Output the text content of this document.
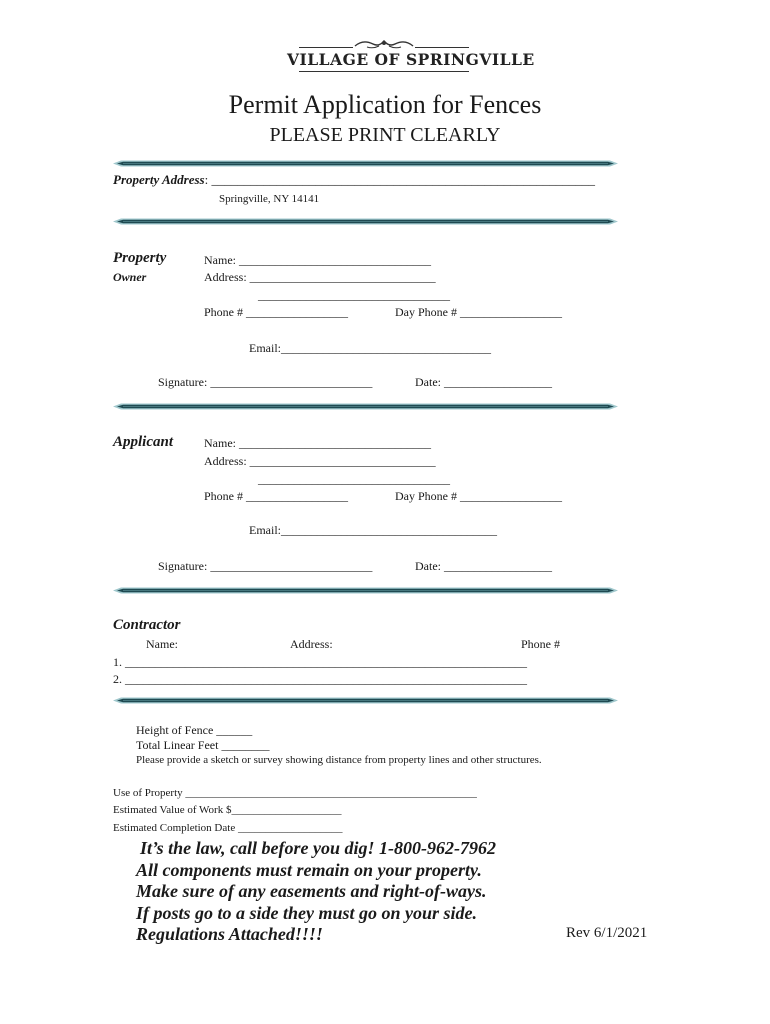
VILLAGE OF SPRINGVILLE
Permit Application for Fences
PLEASE PRINT CLEARLY
Property Address: ___________________________________________________________
Springville, NY 14141
Property
Owner
Name: ________________________________
Address: _______________________________
________________________________
Phone # _________________	Day Phone # _________________
Email:___________________________________
Signature: ___________________________	Date: __________________
Applicant	Name: ________________________________
Address: _______________________________
________________________________
Phone # _________________	Day Phone # _________________
Email:____________________________________
Signature: ___________________________	Date: __________________
Contractor
Name:	Address:	Phone #
1. ___________________________________________________________________
2. ___________________________________________________________________
Height of Fence ______
Total Linear Feet ________
Please provide a sketch or survey showing distance from property lines and other structures.
Use of Property _____________________________________________________
Estimated Value of Work $____________________
Estimated Completion Date ___________________
It’s the law, call before you dig! 1-800-962-7962
All components must remain on your property.
Make sure of any easements and right-of-ways.
If posts go to a side they must go on your side.
Regulations Attached!!!!	Rev 6/1/2021
